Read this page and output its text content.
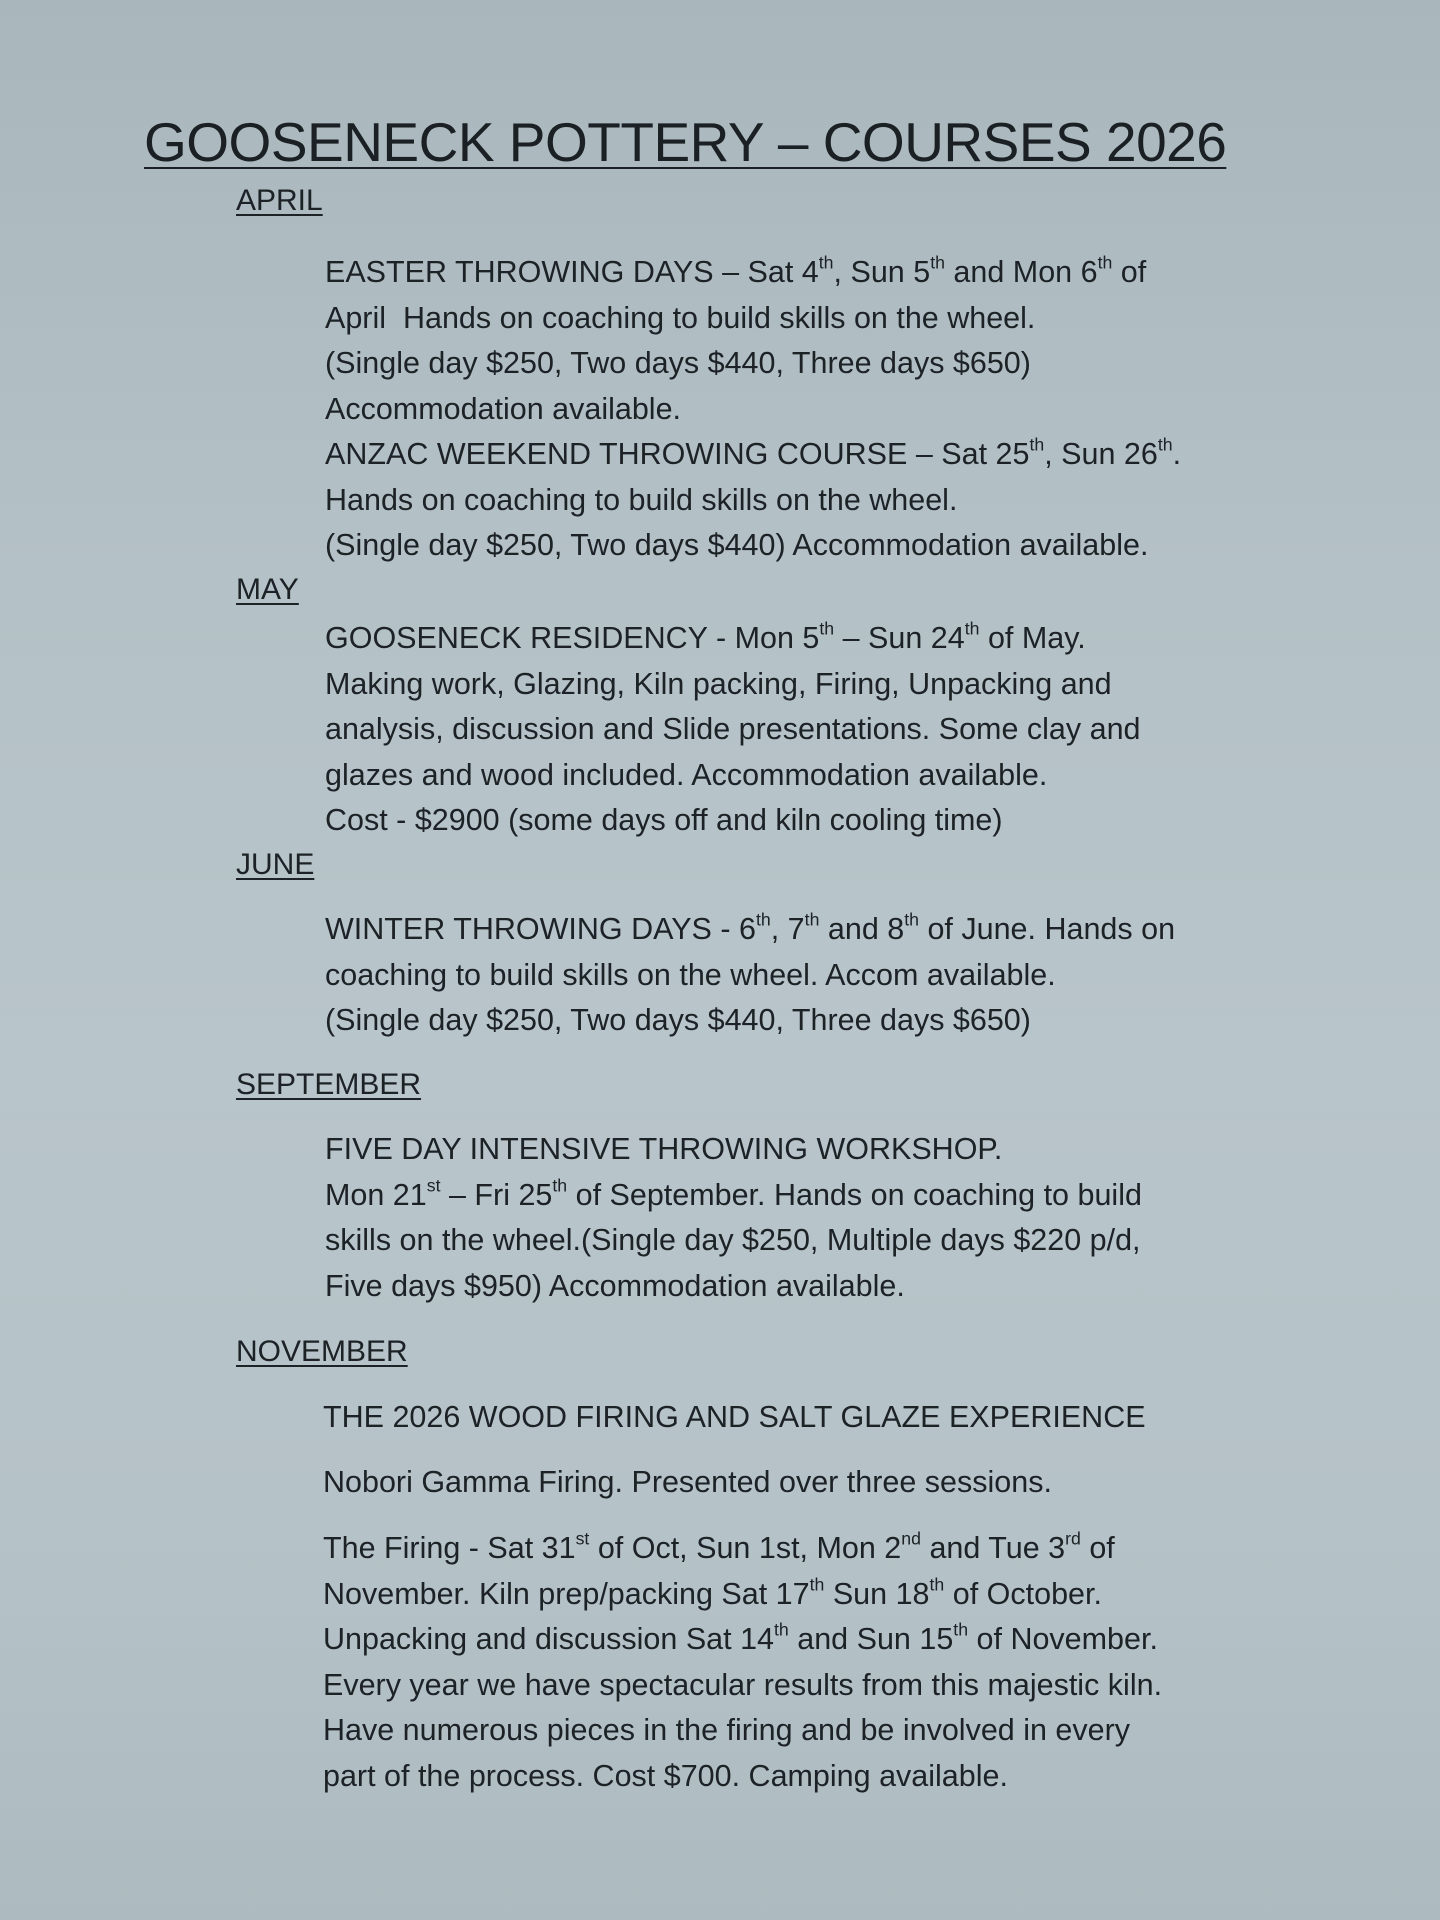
GOOSENECK POTTERY – COURSES 2026
APRIL
EASTER THROWING DAYS – Sat 4th, Sun 5th and Mon 6th of
April  Hands on coaching to build skills on the wheel.
(Single day $250, Two days $440, Three days $650)
Accommodation available.
ANZAC WEEKEND THROWING COURSE – Sat 25th, Sun 26th.
Hands on coaching to build skills on the wheel.
(Single day $250, Two days $440) Accommodation available.
MAY
GOOSENECK RESIDENCY - Mon 5th – Sun 24th of May.
Making work, Glazing, Kiln packing, Firing, Unpacking and
analysis, discussion and Slide presentations. Some clay and
glazes and wood included. Accommodation available.
Cost - $2900 (some days off and kiln cooling time)
JUNE
WINTER THROWING DAYS - 6th, 7th and 8th of June. Hands on
coaching to build skills on the wheel. Accom available.
(Single day $250, Two days $440, Three days $650)
SEPTEMBER
FIVE DAY INTENSIVE THROWING WORKSHOP.
Mon 21st – Fri 25th of September. Hands on coaching to build
skills on the wheel.(Single day $250, Multiple days $220 p/d,
Five days $950) Accommodation available.
NOVEMBER
THE 2026 WOOD FIRING AND SALT GLAZE EXPERIENCE
Nobori Gamma Firing. Presented over three sessions.
The Firing - Sat 31st of Oct, Sun 1st, Mon 2nd and Tue 3rd of
November. Kiln prep/packing Sat 17th Sun 18th of October.
Unpacking and discussion Sat 14th and Sun 15th of November.
Every year we have spectacular results from this majestic kiln.
Have numerous pieces in the firing and be involved in every
part of the process. Cost $700. Camping available.
